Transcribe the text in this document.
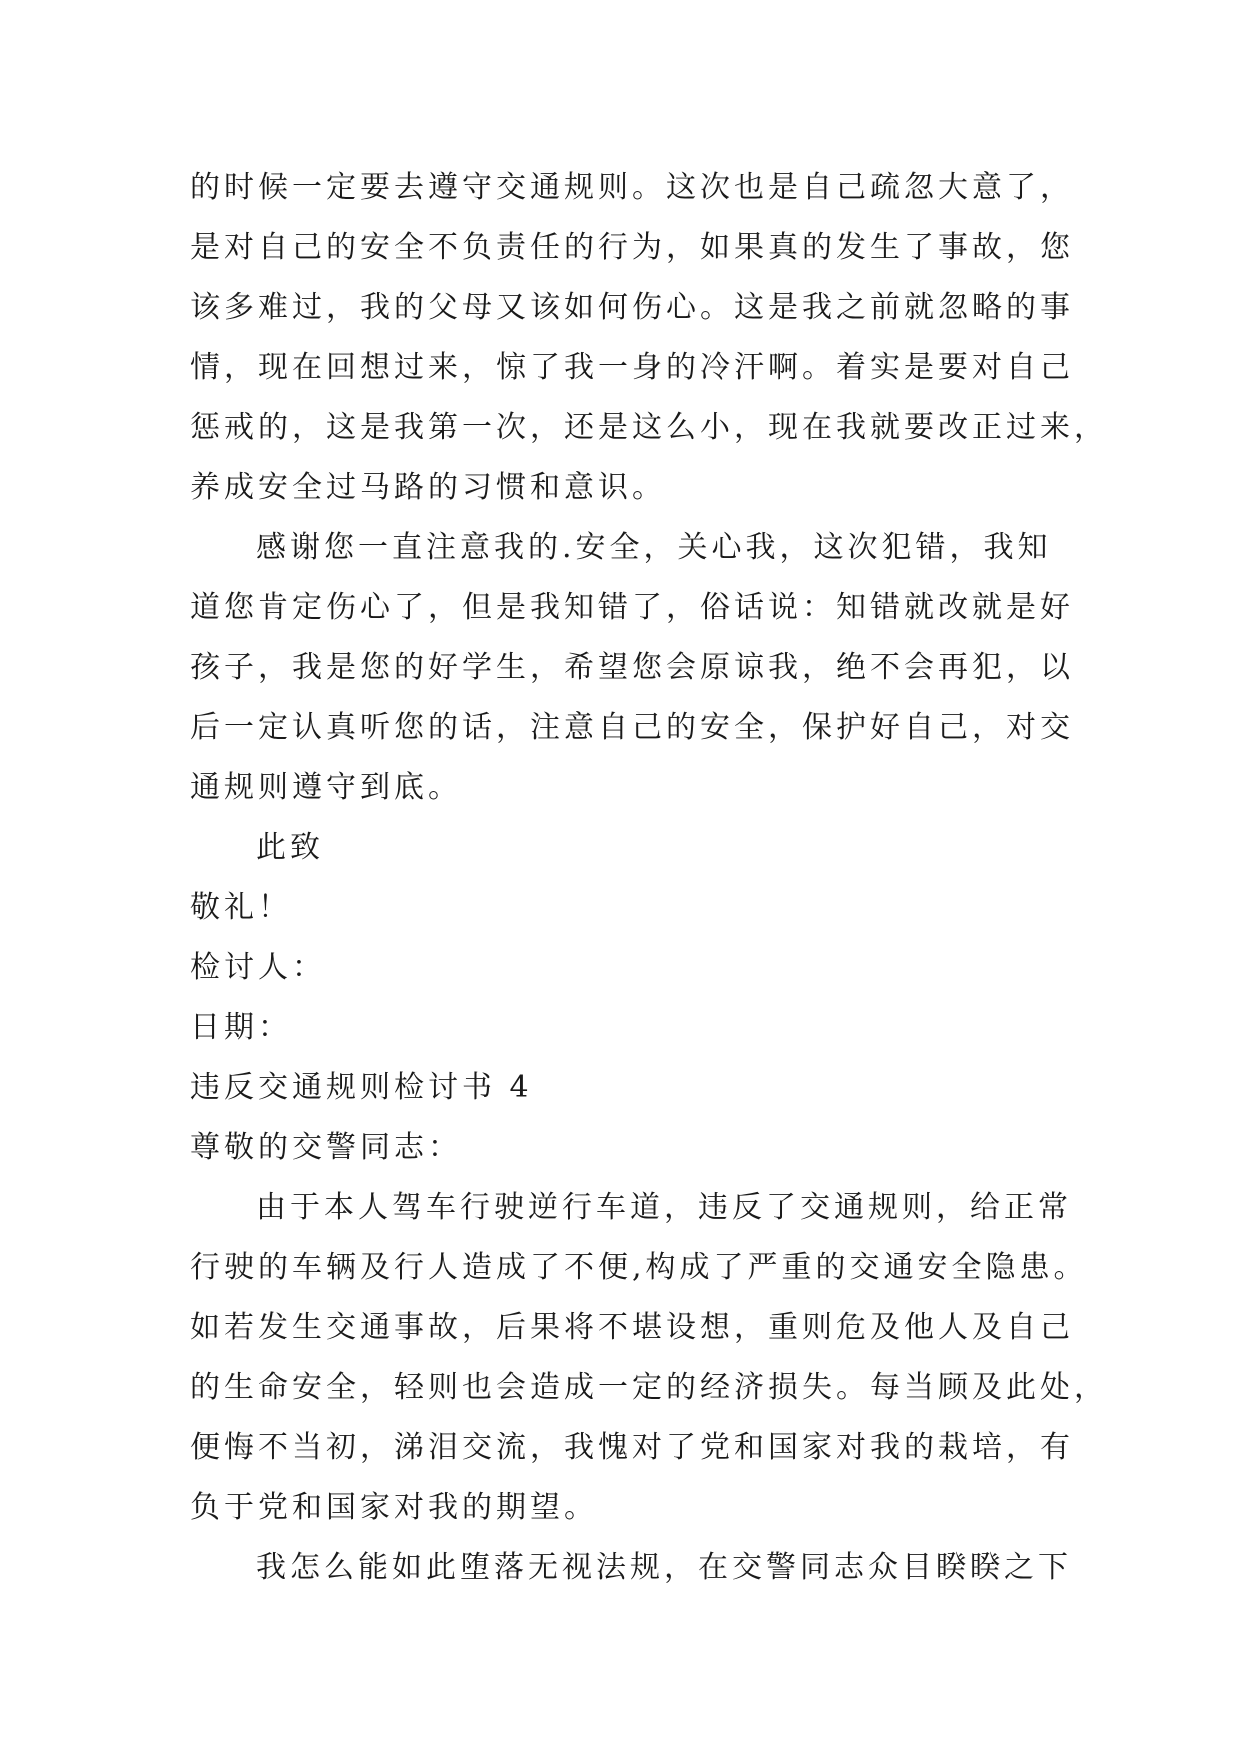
的时候一定要去遵守交通规则。这次也是自己疏忽大意了，
是对自己的安全不负责任的行为，如果真的发生了事故，您
该多难过，我的父母又该如何伤心。这是我之前就忽略的事
情，现在回想过来，惊了我一身的冷汗啊。着实是要对自己
惩戒的，这是我第一次，还是这么小，现在我就要改正过来，
养成安全过马路的习惯和意识。
感谢您一直注意我的.安全，关心我，这次犯错，我知
道您肯定伤心了，但是我知错了，俗话说：知错就改就是好
孩子，我是您的好学生，希望您会原谅我，绝不会再犯，以
后一定认真听您的话，注意自己的安全，保护好自己，对交
通规则遵守到底。
此致
敬礼！
检讨人：
日期：
违反交通规则检讨书 4
尊敬的交警同志：
由于本人驾车行驶逆行车道，违反了交通规则，给正常
行驶的车辆及行人造成了不便,构成了严重的交通安全隐患。
如若发生交通事故，后果将不堪设想，重则危及他人及自己
的生命安全，轻则也会造成一定的经济损失。每当顾及此处，
便悔不当初，涕泪交流，我愧对了党和国家对我的栽培，有
负于党和国家对我的期望。
我怎么能如此堕落无视法规，在交警同志众目睽睽之下
